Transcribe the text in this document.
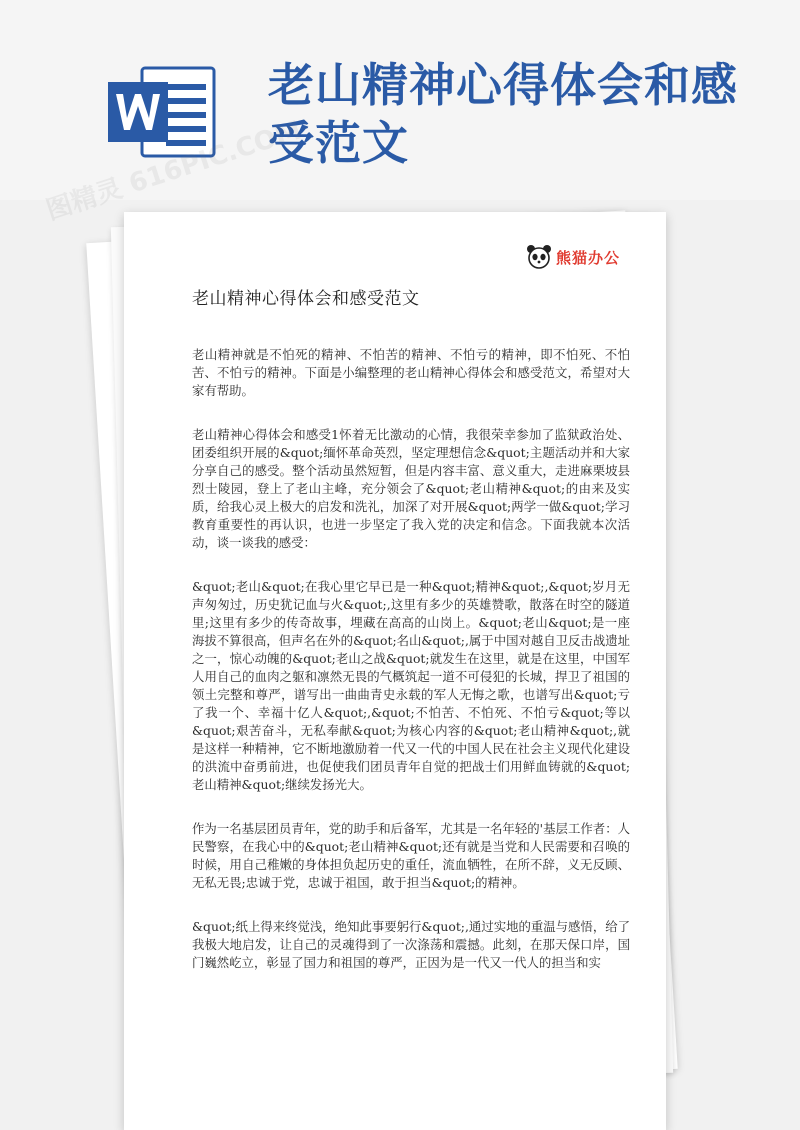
老山精神心得体会和感受范文
熊猫办公
老山精神心得体会和感受范文

老山精神就是不怕死的精神、不怕苦的精神、不怕亏的精神，即不怕死、不怕苦、不怕亏的精神。下面是小编整理的老山精神心得体会和感受范文，希望对大家有帮助。

老山精神心得体会和感受1怀着无比激动的心情，我很荣幸参加了监狱政治处、团委组织开展的&quot;缅怀革命英烈，坚定理想信念&quot;主题活动并和大家分享自己的感受。整个活动虽然短暂，但是内容丰富、意义重大，走进麻栗坡县烈士陵园，登上了老山主峰，充分领会了&quot;老山精神&quot;的由来及实质，给我心灵上极大的启发和洗礼，加深了对开展&quot;两学一做&quot;学习教育重要性的再认识，也进一步坚定了我入党的决定和信念。下面我就本次活动，谈一谈我的感受：

&quot;老山&quot;在我心里它早已是一种&quot;精神&quot;,&quot;岁月无声匆匆过，历史犹记血与火&quot;,这里有多少的英雄赞歌，散落在时空的隧道里;这里有多少的传奇故事，埋藏在高高的山岗上。&quot;老山&quot;是一座海拔不算很高，但声名在外的&quot;名山&quot;,属于中国对越自卫反击战遗址之一，惊心动魄的&quot;老山之战&quot;就发生在这里，就是在这里，中国军人用自己的血肉之躯和凛然无畏的气概筑起一道不可侵犯的长城，捍卫了祖国的领土完整和尊严，谱写出一曲曲青史永载的军人无悔之歌，也谱写出&quot;亏了我一个、幸福十亿人&quot;,&quot;不怕苦、不怕死、不怕亏&quot;等以&quot;艰苦奋斗，无私奉献&quot;为核心内容的&quot;老山精神&quot;,就是这样一种精神，它不断地激励着一代又一代的中国人民在社会主义现代化建设的洪流中奋勇前进，也促使我们团员青年自觉的把战士们用鲜血铸就的&quot;老山精神&quot;继续发扬光大。

作为一名基层团员青年，党的助手和后备军，尤其是一名年轻的'基层工作者：人民警察，在我心中的&quot;老山精神&quot;还有就是当党和人民需要和召唤的时候，用自己稚嫩的身体担负起历史的重任，流血牺牲，在所不辞，义无反顾、无私无畏;忠诚于党，忠诚于祖国，敢于担当&quot;的精神。

&quot;纸上得来终觉浅，绝知此事要躬行&quot;,通过实地的重温与感悟，给了我极大地启发，让自己的灵魂得到了一次涤荡和震撼。此刻，在那天保口岸，国门巍然屹立，彰显了国力和祖国的尊严，正因为是一代又一代人的担当和实
